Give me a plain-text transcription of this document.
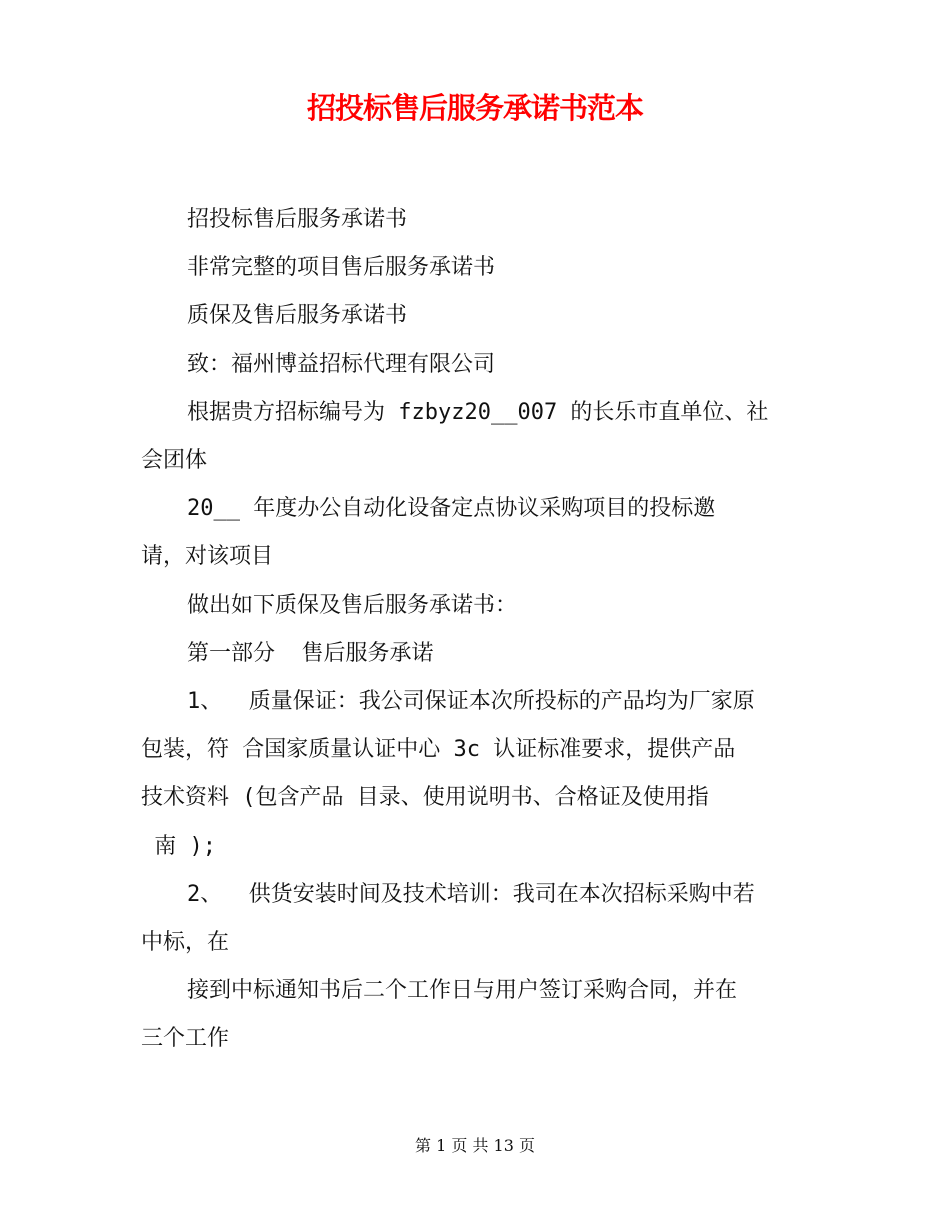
招投标售后服务承诺书范本

招投标售后服务承诺书

非常完整的项目售后服务承诺书

质保及售后服务承诺书

致：福州博益招标代理有限公司

根据贵方招标编号为 fzbyz20__007 的长乐市直单位、社

会团体

20__ 年度办公自动化设备定点协议采购项目的投标邀

请，对该项目

做出如下质保及售后服务承诺书：

第一部分  售后服务承诺

1、  质量保证：我公司保证本次所投标的产品均为厂家原

包装，符 合国家质量认证中心 3c 认证标准要求，提供产品

技术资料 (包含产品 目录、使用说明书、合格证及使用指

南 );

2、  供货安装时间及技术培训：我司在本次招标采购中若

中标，在

接到中标通知书后二个工作日与用户签订采购合同，并在

三个工作

第 1 页 共 13 页
